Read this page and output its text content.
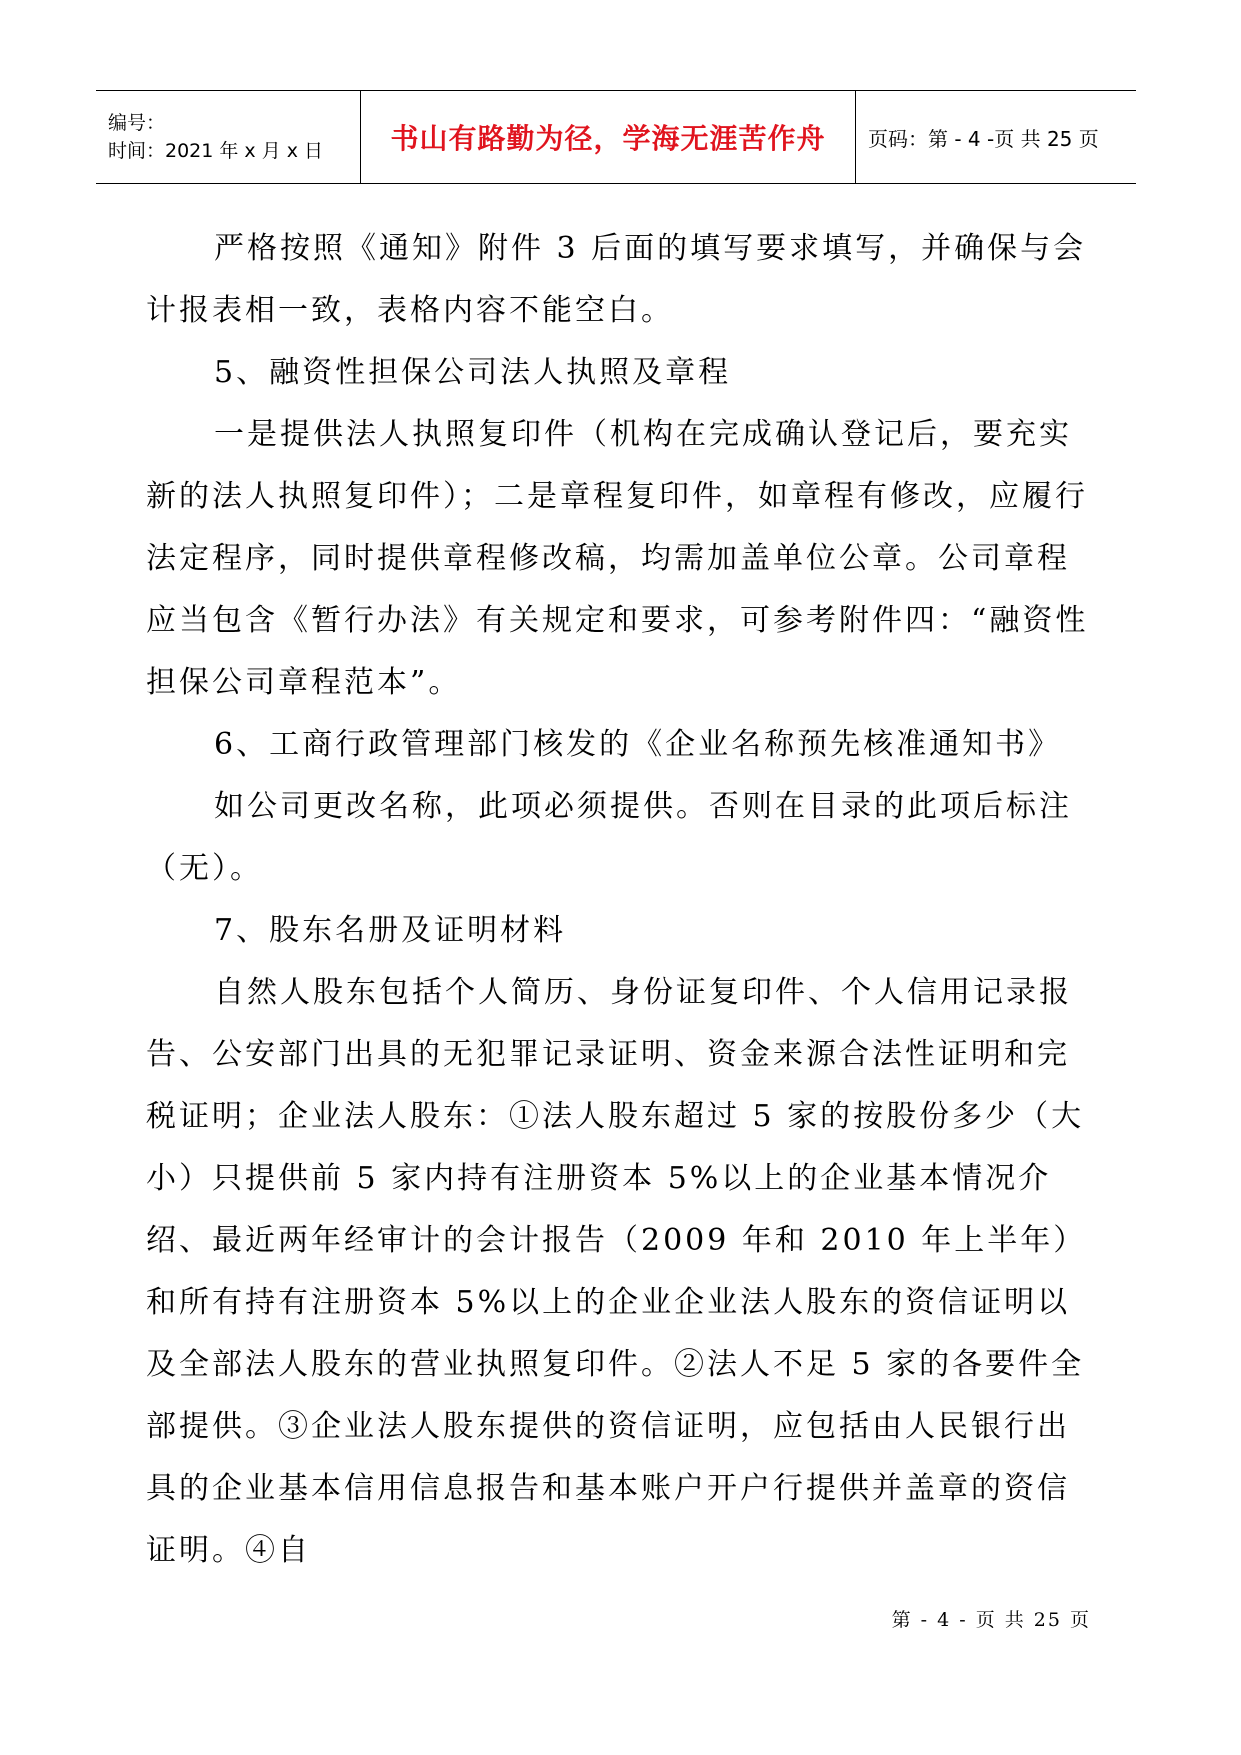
编号：
时间：2021 年 x 月 x 日	书山有路勤为径，学海无涯苦作舟	页码：第 - 4 -页 共 25 页

严格按照《通知》附件 3 后面的填写要求填写，并确保与会计报表相一致，表格内容不能空白。

5、融资性担保公司法人执照及章程

一是提供法人执照复印件（机构在完成确认登记后，要充实新的法人执照复印件）；二是章程复印件，如章程有修改，应履行法定程序，同时提供章程修改稿，均需加盖单位公章。公司章程应当包含《暂行办法》有关规定和要求，可参考附件四：“融资性担保公司章程范本”。

6、工商行政管理部门核发的《企业名称预先核准通知书》

如公司更改名称，此项必须提供。否则在目录的此项后标注（无）。

7、股东名册及证明材料

自然人股东包括个人简历、身份证复印件、个人信用记录报告、公安部门出具的无犯罪记录证明、资金来源合法性证明和完税证明；企业法人股东：①法人股东超过 5 家的按股份多少（大小）只提供前 5 家内持有注册资本 5%以上的企业基本情况介绍、最近两年经审计的会计报告（2009 年和 2010 年上半年）和所有持有注册资本 5%以上的企业企业法人股东的资信证明以及全部法人股东的营业执照复印件。②法人不足 5 家的各要件全部提供。③企业法人股东提供的资信证明，应包括由人民银行出具的企业基本信用信息报告和基本账户开户行提供并盖章的资信证明。④自

第 - 4 - 页 共 25 页
